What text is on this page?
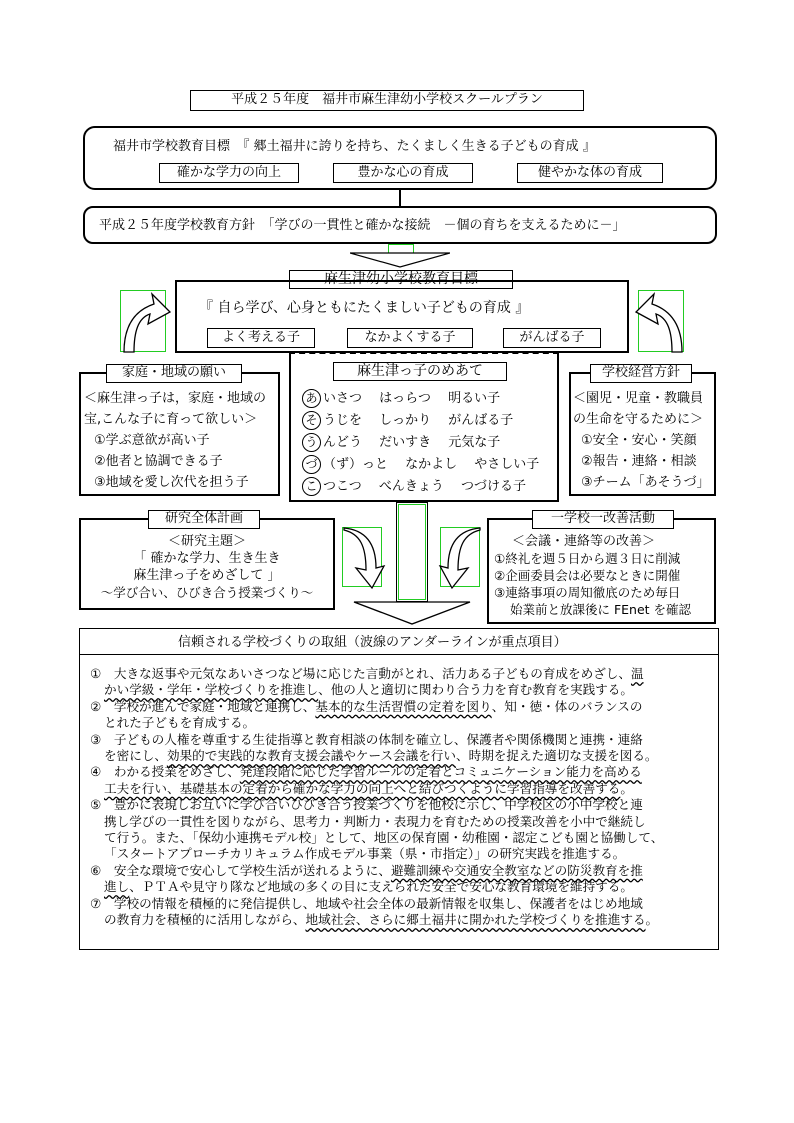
平成２５年度　福井市麻生津幼小学校スクールプラン
福井市学校教育目標　『 郷土福井に誇りを持ち、たくましく生きる子どもの育成 』
確かな学力の向上	豊かな心の育成	健やかな体の育成
平成２５年度学校教育方針　「学びの一貫性と確かな接続　－個の育ちを支えるために－」
麻生津幼小学校教育目標
『 自ら学び、心身ともにたくましい子どもの育成 』
よく考える子	なかよくする子	がんばる子
麻生津っ子のめあて
あ いさつ　 はっらつ　 明るい子
そ うじを　 しっかり　 がんばる子
う んどう　 だいすき　 元気な子
づ （ず）っと　 なかよし　 やさしい子
こ つこつ　 べんきょう　 つづける子
家庭・地域の願い
＜麻生津っ子は，家庭・地域の
宝,こんな子に育って欲しい＞
①学ぶ意欲が高い子
②他者と協調できる子
③地域を愛し次代を担う子
学校経営方針
＜園児・児童・教職員
の生命を守るために＞
①安全・安心・笑顔
②報告・連絡・相談
③チーム「あそうづ」
研究全体計画
＜研究主題＞
「 確かな学力、生き生き
麻生津っ子をめざして 」
～学び合い、ひびき合う授業づくり～
一学校一改善活動
＜会議・連絡等の改善＞
①終礼を週５日から週３日に削減
②企画委員会は必要なときに開催
③連絡事項の周知徹底のため毎日
始業前と放課後に FEnet を確認
信頼される学校づくりの取組（波線のアンダーラインが重点項目）
①　大きな返事や元気なあいさつなど場に応じた言動がとれ、活力ある子どもの育成をめざし、温
かい学級・学年・学校づくりを推進し、他の人と適切に関わり合う力を育む教育を実践する。
②　学校が進んで家庭・地域と連携し、基本的な生活習慣の定着を図り、知・徳・体のバランスの
とれた子どもを育成する。
③　子どもの人権を尊重する生徒指導と教育相談の体制を確立し、保護者や関係機関と連携・連絡
を密にし、効果的で実践的な教育支援会議やケース会議を行い、時期を捉えた適切な支援を図る。
④　わかる授業をめざし、発達段階に応じた学習ルールの定着とコミュニケーション能力を高める
工夫を行い、基礎基本の定着から確かな学力の向上へと結びつくように学習指導を改善する。
⑤　豊かに表現しお互いに学び合いひびき合う授業づくりを他校に示し、中学校区の小中学校と連
携し学びの一貫性を図りながら、思考力・判断力・表現力を育むための授業改善を小中で継続し
て行う。また、「保幼小連携モデル校」として、地区の保育園・幼稚園・認定こども園と協働して、
「スタートアプローチカリキュラム作成モデル事業（県・市指定）」の研究実践を推進する。
⑥　安全な環境で安心して学校生活が送れるように、避難訓練や交通安全教室などの防災教育を推
進し、ＰＴＡや見守り隊など地域の多くの目に支えられた安全で安心な教育環境を維持する。
⑦　学校の情報を積極的に発信提供し、地域や社会全体の最新情報を収集し、保護者をはじめ地域
の教育力を積極的に活用しながら、地域社会、さらに郷土福井に開かれた学校づくりを推進する。
